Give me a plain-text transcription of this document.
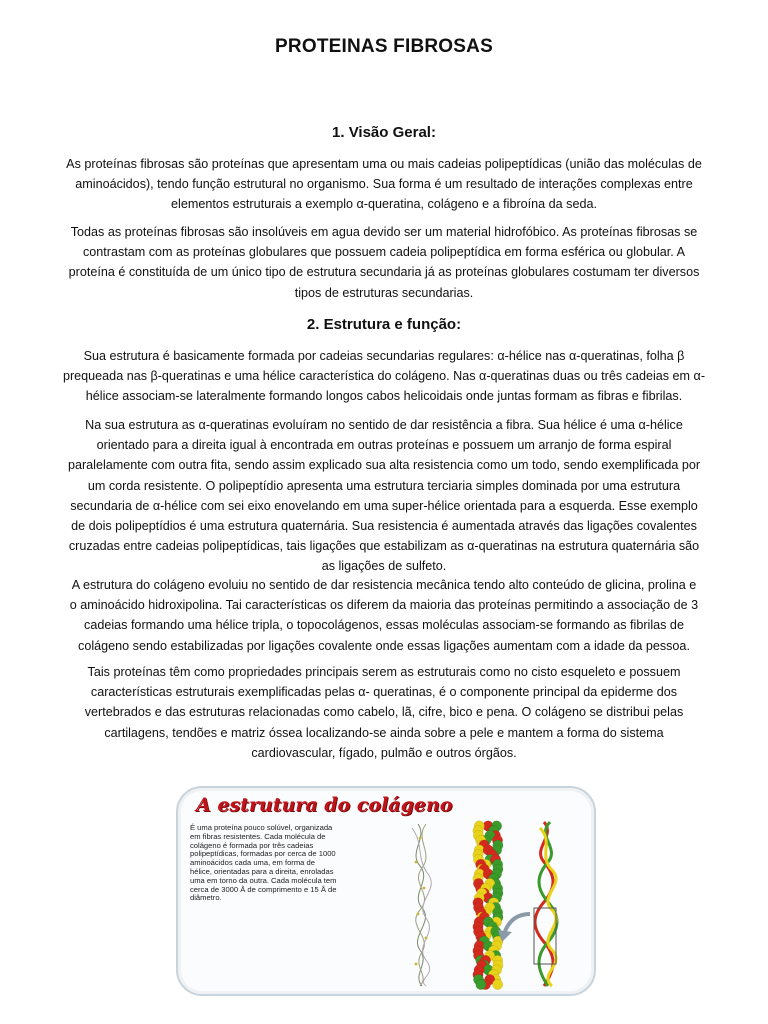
PROTEINAS FIBROSAS
1. Visão Geral:
As proteínas fibrosas são proteínas que apresentam uma ou mais cadeias polipeptídicas (união das moléculas de
aminoácidos), tendo função estrutural no organismo. Sua forma é um resultado de interações complexas entre
elementos estruturais a exemplo α-queratina, colágeno e a fibroína da seda.
Todas as proteínas fibrosas são insolúveis em agua devido ser um material hidrofóbico. As proteínas fibrosas se
contrastam com as proteínas globulares que possuem cadeia polipeptídica em forma esférica ou globular. A
proteína é constituída de um único tipo de estrutura secundaria já as proteínas globulares costumam ter diversos
tipos de estruturas secundarias.
2. Estrutura e função:
Sua estrutura é basicamente formada por cadeias secundarias regulares: α-hélice nas α-queratinas, folha β
prequeada nas β-queratinas e uma hélice característica do colágeno. Nas α-queratinas duas ou três cadeias em α-
hélice associam-se lateralmente formando longos cabos helicoidais onde juntas formam as fibras e fibrilas.
Na sua estrutura as α-queratinas evoluíram no sentido de dar resistência a fibra. Sua hélice é uma α-hélice
orientado para a direita igual à encontrada em outras proteínas e possuem um arranjo de forma espiral
paralelamente com outra fita, sendo assim explicado sua alta resistencia como um todo, sendo exemplificada por
um corda resistente. O polipeptídio apresenta uma estrutura terciaria simples dominada por uma estrutura
secundaria de α-hélice com sei eixo enovelando em uma super-hélice orientada para a esquerda. Esse exemplo
de dois polipeptídios é uma estrutura quaternária. Sua resistencia é aumentada através das ligações covalentes
cruzadas entre cadeias polipeptídicas, tais ligações que estabilizam as α-queratinas na estrutura quaternária são
as ligações de sulfeto.
A estrutura do colágeno evoluiu no sentido de dar resistencia mecânica tendo alto conteúdo de glicina, prolina e
o aminoácido hidroxipolina. Tai características os diferem da maioria das proteínas permitindo a associação de 3
cadeias formando uma hélice tripla, o topocolágenos, essas moléculas associam-se formando as fibrilas de
colágeno sendo estabilizadas por ligações covalente onde essas ligações aumentam com a idade da pessoa.
Tais proteínas têm como propriedades principais serem as estruturais como no cisto esqueleto e possuem
características estruturais exemplificadas pelas α- queratinas, é o componente principal da epiderme dos
vertebrados e das estruturas relacionadas como cabelo, lã, cifre, bico e pena. O colágeno se distribui pelas
cartilagens, tendões e matriz óssea localizando-se ainda sobre a pele e mantem a forma do sistema
cardiovascular, fígado, pulmão e outros órgãos.
A estrutura do colágeno
É uma proteína pouco solúvel, organizada
em fibras resistentes. Cada molécula de
colágeno é formada por três cadeias
polipeptídicas, formadas por cerca de 1000
aminoácidos cada uma, em forma de
hélice, orientadas para a direita, enroladas
uma em torno da outra. Cada molécula tem
cerca de 3000 Å de comprimento e 15 Å de
diâmetro.
